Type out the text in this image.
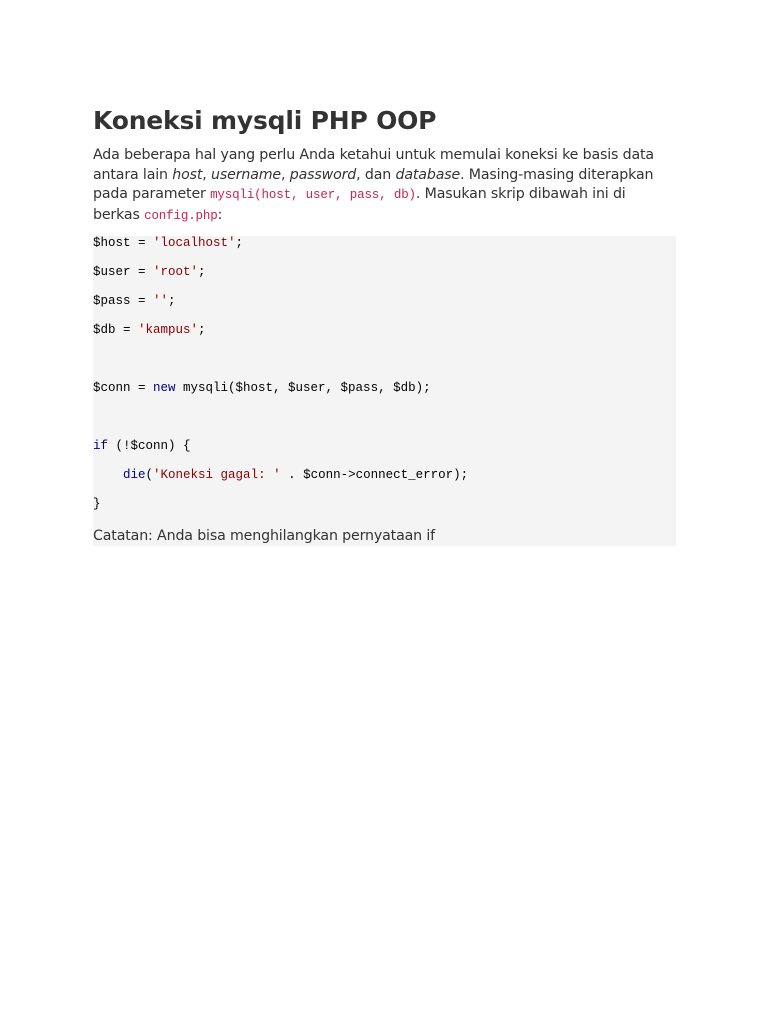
Koneksi mysqli PHP OOP
Ada beberapa hal yang perlu Anda ketahui untuk memulai koneksi ke basis data antara lain host, username, password, dan database. Masing-masing diterapkan pada parameter mysqli(host, user, pass, db). Masukan skrip dibawah ini di berkas config.php:
$host = 'localhost';
$user = 'root';
$pass = '';
$db = 'kampus';
$conn = new mysqli($host, $user, $pass, $db);
if (!$conn) {
die('Koneksi gagal: ' . $conn->connect_error);
}
Catatan: Anda bisa menghilangkan pernyataan if
